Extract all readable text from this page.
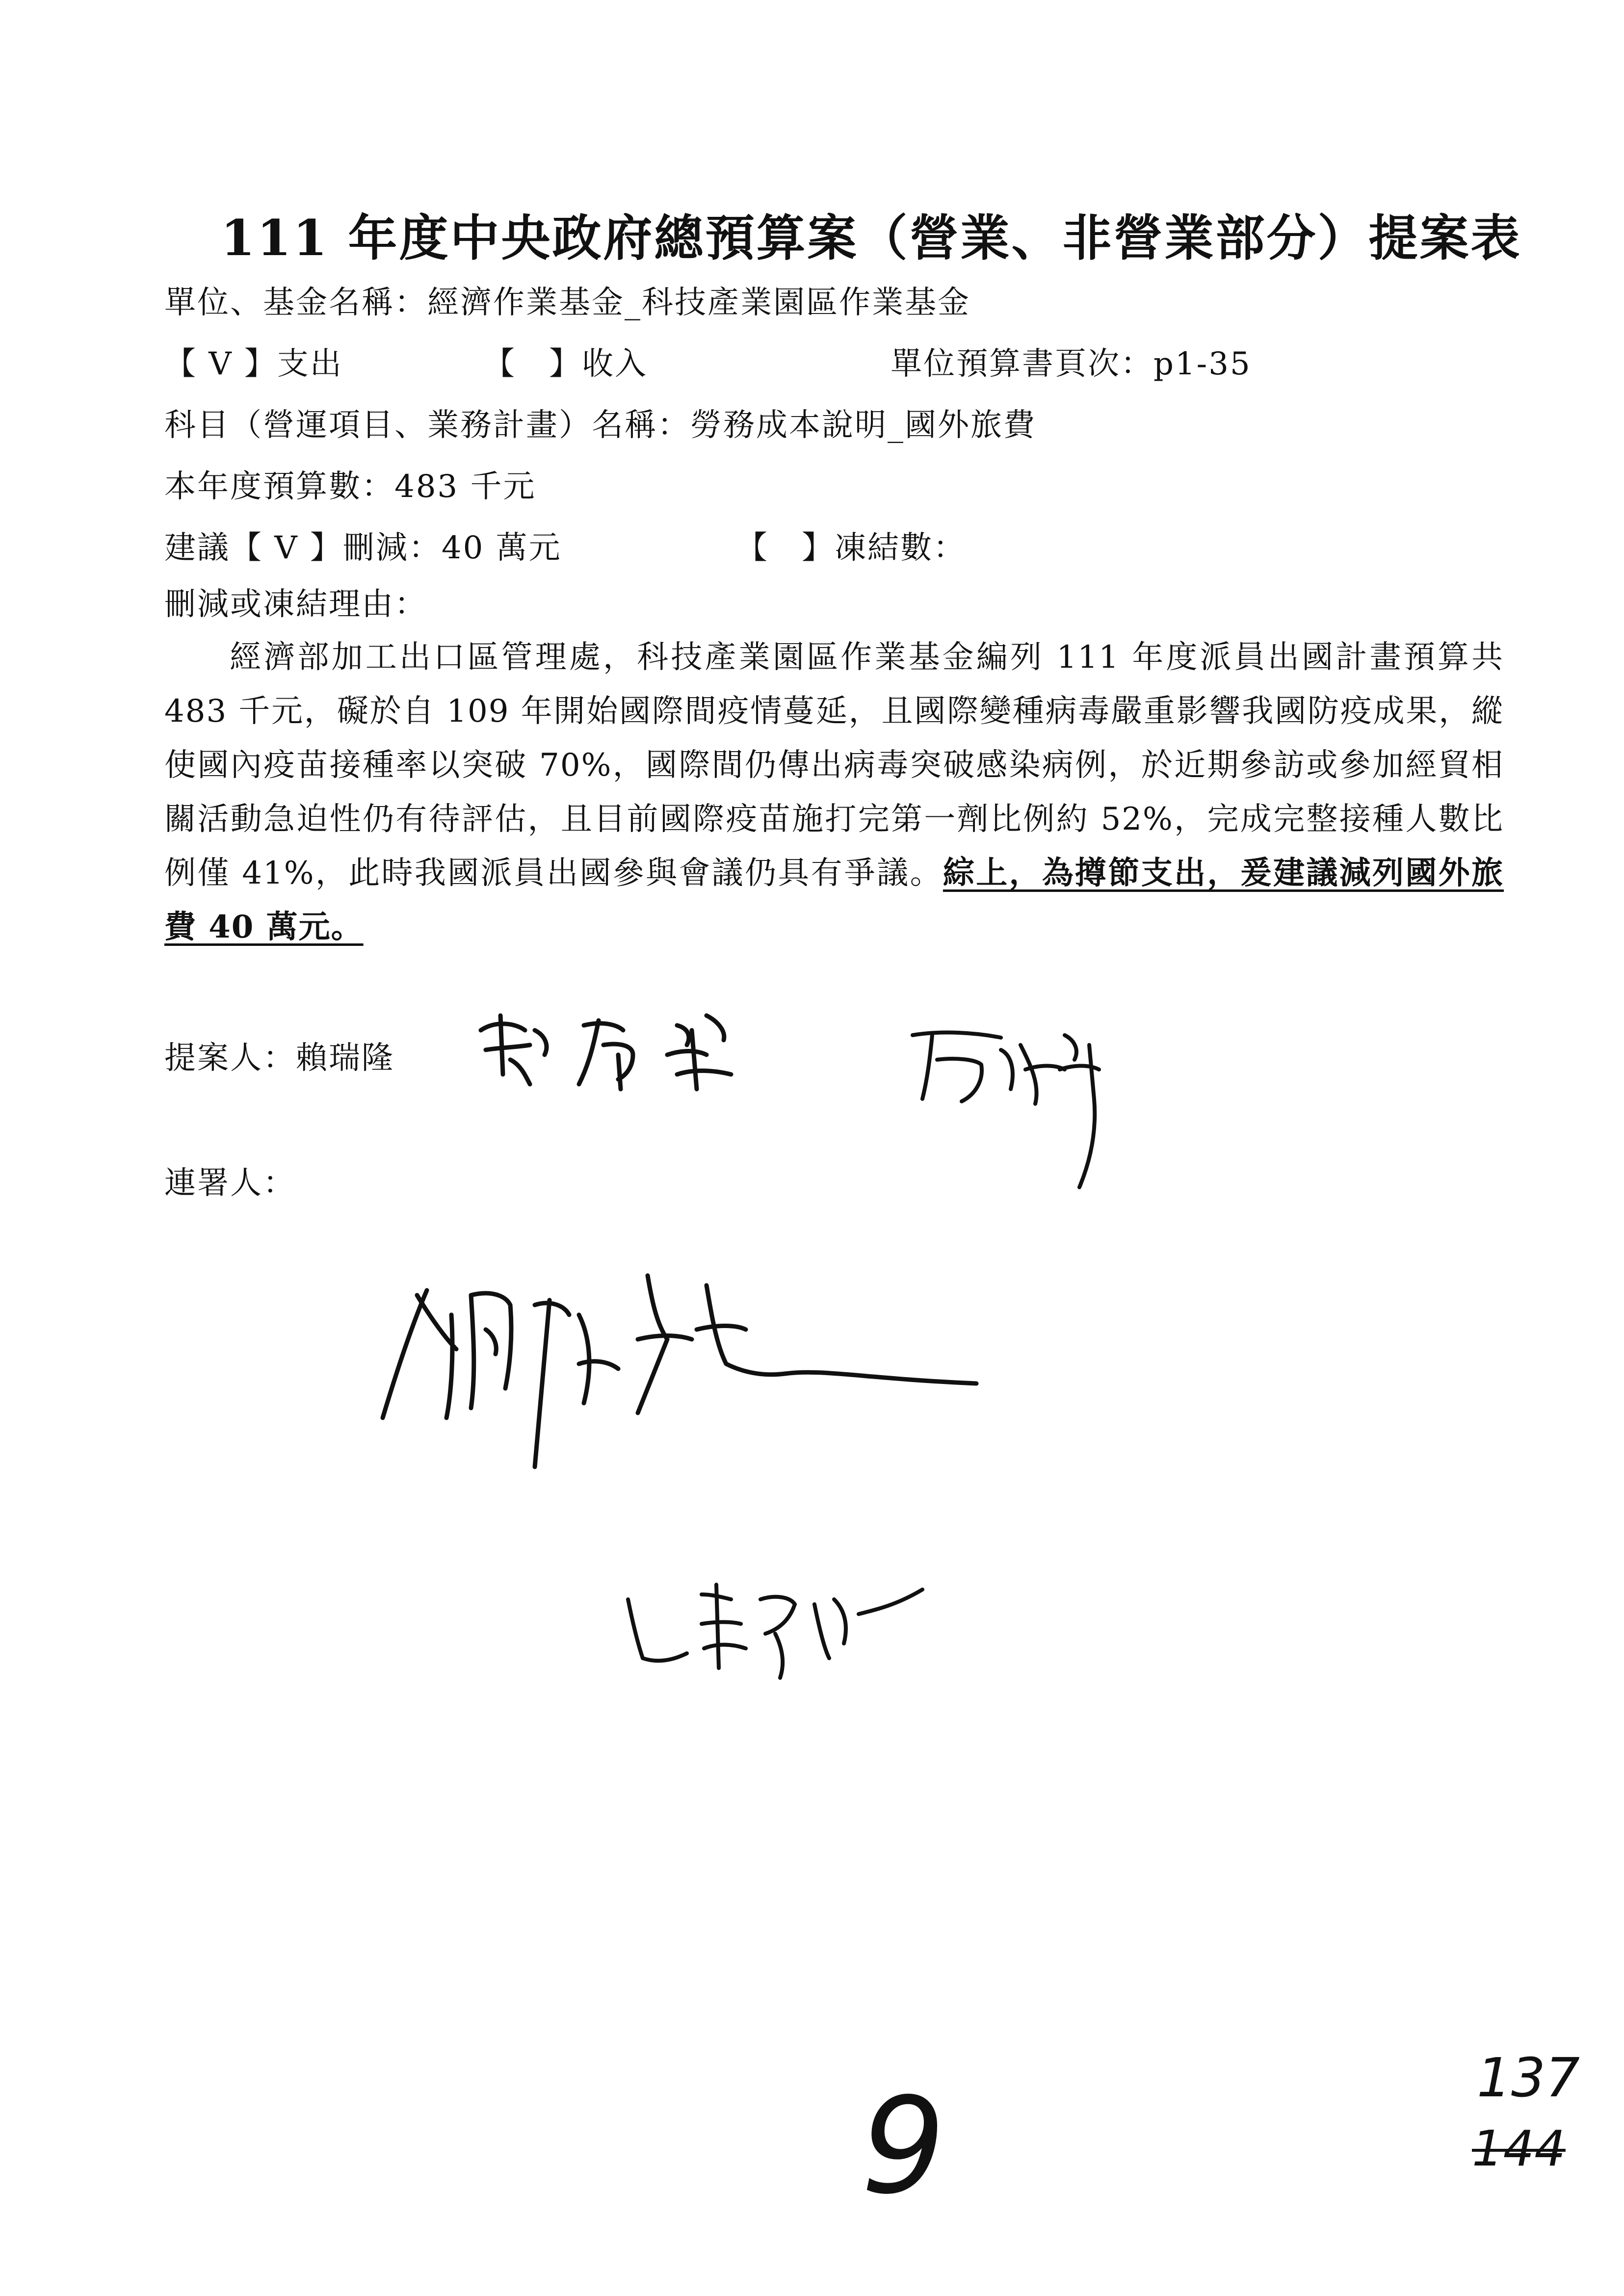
111 年度中央政府總預算案（營業、非營業部分）提案表
單位、基金名稱：經濟作業基金_科技產業園區作業基金
【 V 】支出	【　】收入	單位預算書頁次：p1-35
科目（營運項目、業務計畫）名稱：勞務成本說明_國外旅費
本年度預算數：483 千元
建議【 V 】刪減：40 萬元	【　】凍結數：
刪減或凍結理由：
經濟部加工出口區管理處，科技產業園區作業基金編列 111 年度派員出國計畫預算共 483 千元，礙於自 109 年開始國際間疫情蔓延，且國際變種病毒嚴重影響我國防疫成果，縱使國內疫苗接種率以突破 70%，國際間仍傳出病毒突破感染病例，於近期參訪或參加經貿相關活動急迫性仍有待評估，且目前國際疫苗施打完第一劑比例約 52%，完成完整接種人數比例僅 41%，此時我國派員出國參與會議仍具有爭議。綜上，為撙節支出，爰建議減列國外旅費 40 萬元。
提案人：賴瑞隆
連署人：
9	137
144
